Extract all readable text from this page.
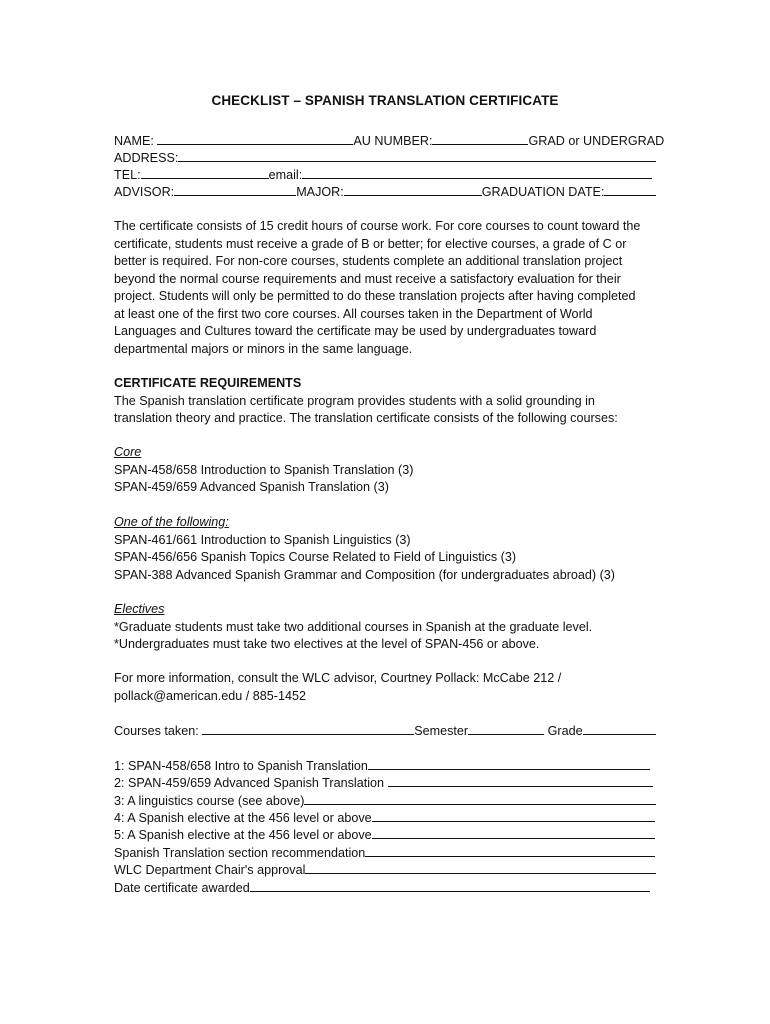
CHECKLIST – SPANISH TRANSLATION CERTIFICATE
NAME:	AU NUMBER:	GRAD or UNDERGRAD
ADDRESS:
TEL:	email:
ADVISOR:	MAJOR:	GRADUATION DATE:

The certificate consists of 15 credit hours of course work. For core courses to count toward the

certificate, students must receive a grade of B or better; for elective courses, a grade of C or

better is required. For non-core courses, students complete an additional translation project

beyond the normal course requirements and must receive a satisfactory evaluation for their

project. Students will only be permitted to do these translation projects after having completed

at least one of the first two core courses. All courses taken in the Department of World

Languages and Cultures toward the certificate may be used by undergraduates toward

departmental majors or minors in the same language.

CERTIFICATE REQUIREMENTS

The Spanish translation certificate program provides students with a solid grounding in

translation theory and practice. The translation certificate consists of the following courses:

Core

SPAN-458/658 Introduction to Spanish Translation (3)

SPAN-459/659 Advanced Spanish Translation (3)

One of the following:

SPAN-461/661 Introduction to Spanish Linguistics (3)

SPAN-456/656 Spanish Topics Course Related to Field of Linguistics (3)

SPAN-388 Advanced Spanish Grammar and Composition (for undergraduates abroad) (3)

Electives

*Graduate students must take two additional courses in Spanish at the graduate level.

*Undergraduates must take two electives at the level of SPAN-456 or above.

For more information, consult the WLC advisor, Courtney Pollack: McCabe 212 /

pollack@american.edu / 885-1452

Courses taken:	Semester	Grade
1: SPAN-458/658 Intro to Spanish Translation
2: SPAN-459/659 Advanced Spanish Translation
3: A linguistics course (see above)
4: A Spanish elective at the 456 level or above
5: A Spanish elective at the 456 level or above
Spanish Translation section recommendation
WLC Department Chair's approval
Date certificate awarded
